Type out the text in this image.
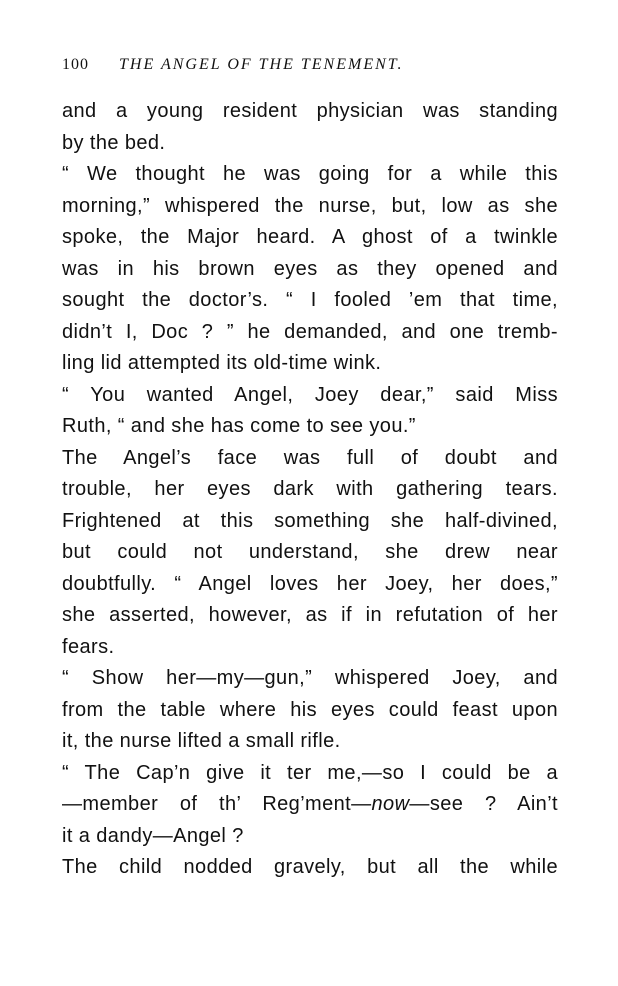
100 THE ANGEL OF THE TENEMENT.
and a young resident physician was standing
by the bed.
“ We thought he was going for a while this
morning,” whispered the nurse, but, low as she
spoke, the Major heard. A ghost of a twinkle
was in his brown eyes as they opened and
sought the doctor’s. “ I fooled ’em that time,
didn’t I, Doc ? ” he demanded, and one tremb-
ling lid attempted its old-time wink.
“ You wanted Angel, Joey dear,” said Miss
Ruth, “ and she has come to see you.”
The Angel’s face was full of doubt and
trouble, her eyes dark with gathering tears.
Frightened at this something she half-divined,
but could not understand, she drew near
doubtfully. “ Angel loves her Joey, her does,”
she asserted, however, as if in refutation of her
fears.
“ Show her—my—gun,” whispered Joey, and
from the table where his eyes could feast upon
it, the nurse lifted a small rifle.
“ The Cap’n give it ter me,—so I could be a
—member of th’ Reg’ment—now—see ? Ain’t
it a dandy—Angel ?
The child nodded gravely, but all the while
